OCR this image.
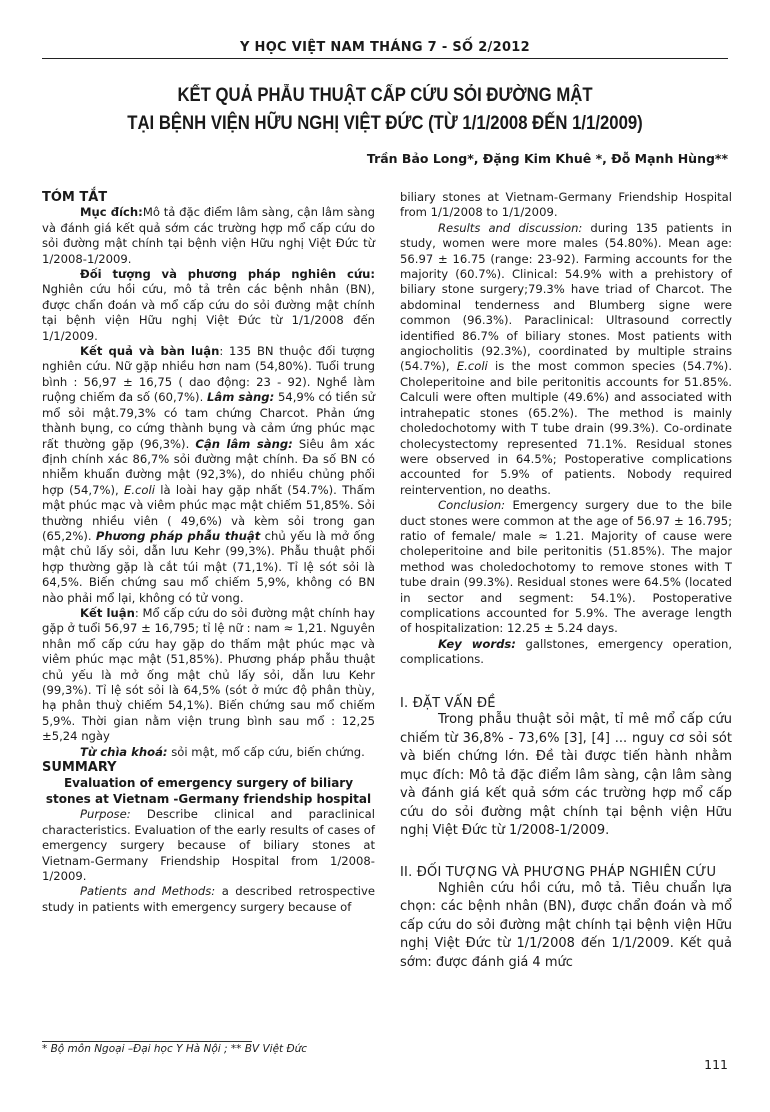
Y HỌC VIỆT NAM THÁNG 7 - SỐ 2/2012
KẾT QUẢ PHẪU THUẬT CẤP CỨU SỎI ĐƯỜNG MẬT
TẠI BỆNH VIỆN HỮU NGHỊ VIỆT ĐỨC (TỪ 1/1/2008 ĐẾN 1/1/2009)
Trần Bảo Long*, Đặng Kim Khuê *, Đỗ Mạnh Hùng**

TÓM TẮT

Mục đích:Mô tả đặc điểm lâm sàng, cận lâm sàng và đánh giá kết quả sớm các trường hợp mổ cấp cứu do sỏi đường mật chính tại bệnh viện Hữu nghị Việt Đức từ 1/2008-1/2009.

Đối tượng và phương pháp nghiên cứu: Nghiên cứu hồi cứu, mô tả trên các bệnh nhân (BN), được chẩn đoán và mổ cấp cứu do sỏi đường mật chính tại bệnh viện Hữu nghị Việt Đức từ 1/1/2008 đến 1/1/2009.

Kết quả và bàn luận: 135 BN thuộc đối tượng nghiên cứu. Nữ gặp nhiều hơn nam (54,80%). Tuổi trung bình : 56,97 ± 16,75 ( dao động: 23 - 92). Nghề làm ruộng chiếm đa số (60,7%). Lâm sàng: 54,9% có tiền sử mổ sỏi mật.79,3% có tam chứng Charcot. Phản ứng thành bụng, co cứng thành bụng và cảm ứng phúc mạc rất thường gặp (96,3%). Cận lâm sàng: Siêu âm xác định chính xác 86,7% sỏi đường mật chính. Đa số BN có nhiễm khuẩn đường mật (92,3%), do nhiều chủng phối hợp (54,7%), E.coli là loài hay gặp nhất (54.7%). Thấm mật phúc mạc và viêm phúc mạc mật chiếm 51,85%. Sỏi thường nhiều viên ( 49,6%) và kèm sỏi trong gan (65,2%). Phương pháp phẫu thuật chủ yếu là mở ống mật chủ lấy sỏi, dẫn lưu Kehr (99,3%). Phẫu thuật phối hợp thường gặp là cắt túi mật (71,1%). Tỉ lệ sót sỏi là 64,5%. Biến chứng sau mổ chiếm 5,9%, không có BN nào phải mổ lại, không có tử vong.

Kết luận: Mổ cấp cứu do sỏi đường mật chính hay gặp ở tuổi 56,97 ± 16,795; tỉ lệ nữ : nam ≈ 1,21. Nguyên nhân mổ cấp cứu hay gặp do thấm mật phúc mạc và viêm phúc mạc mật (51,85%). Phương pháp phẫu thuật chủ yếu là mở ống mật chủ lấy sỏi, dẫn lưu Kehr (99,3%). Tỉ lệ sót sỏi là 64,5% (sót ở mức độ phân thùy, hạ phân thuỳ chiếm 54,1%). Biến chứng sau mổ chiếm 5,9%. Thời gian nằm viện trung bình sau mổ : 12,25 ±5,24 ngày

Từ chìa khoá: sỏi mật, mổ cấp cứu, biến chứng.

SUMMARY

Evaluation of emergency surgery of biliary stones at Vietnam -Germany friendship hospital

Purpose: Describe clinical and paraclinical characteristics. Evaluation of the early results of cases of emergency surgery because of biliary stones at Vietnam-Germany Friendship Hospital from 1/2008-1/2009.

Patients and Methods: a described retrospective study in patients with emergency surgery because of

biliary stones at Vietnam-Germany Friendship Hospital from 1/1/2008 to 1/1/2009.

Results and discussion: during 135 patients in study, women were more males (54.80%). Mean age: 56.97 ± 16.75 (range: 23-92). Farming accounts for the majority (60.7%). Clinical: 54.9% with a prehistory of biliary stone surgery;79.3% have triad of Charcot. The abdominal tenderness and Blumberg signe were common (96.3%). Paraclinical: Ultrasound correctly identified 86.7% of biliary stones. Most patients with angiocholitis (92.3%), coordinated by multiple strains (54.7%), E.coli is the most common species (54.7%). Choleperitoine and bile peritonitis accounts for 51.85%. Calculi were often multiple (49.6%) and associated with intrahepatic stones (65.2%). The method is mainly choledochotomy with T tube drain (99.3%). Co-ordinate cholecystectomy represented 71.1%. Residual stones were observed in 64.5%; Postoperative complications accounted for 5.9% of patients. Nobody required reintervention, no deaths.

Conclusion: Emergency surgery due to the bile duct stones were common at the age of 56.97 ± 16.795; ratio of female/ male ≈ 1.21. Majority of cause were choleperitoine and bile peritonitis (51.85%). The major method was choledochotomy to remove stones with T tube drain (99.3%). Residual stones were 64.5% (located in sector and segment: 54.1%). Postoperative complications accounted for 5.9%. The average length of hospitalization: 12.25 ± 5.24 days.

Key words: gallstones, emergency operation, complications.

I. ĐẶT VẤN ĐỀ

Trong phẫu thuật sỏi mật, tỉ mê mổ cấp cứu chiếm từ 36,8% - 73,6% [3], [4] ... nguy cơ sỏi sót và biến chứng lớn. Đề tài được tiến hành nhằm mục đích: Mô tả đặc điểm lâm sàng, cận lâm sàng và đánh giá kết quả sớm các trường hợp mổ cấp cứu do sỏi đường mật chính tại bệnh viện Hữu nghị Việt Đức từ 1/2008-1/2009.

II. ĐỐI TƯỢNG VÀ PHƯƠNG PHÁP NGHIÊN CỨU

Nghiên cứu hồi cứu, mô tả. Tiêu chuẩn lựa chọn: các bệnh nhân (BN), được chẩn đoán và mổ cấp cứu do sỏi đường mật chính tại bệnh viện Hữu nghị Việt Đức từ 1/1/2008 đến 1/1/2009. Kết quả sớm: được đánh giá 4 mức

* Bộ môn Ngoại –Đại học Y Hà Nội ; ** BV Việt Đức
111
